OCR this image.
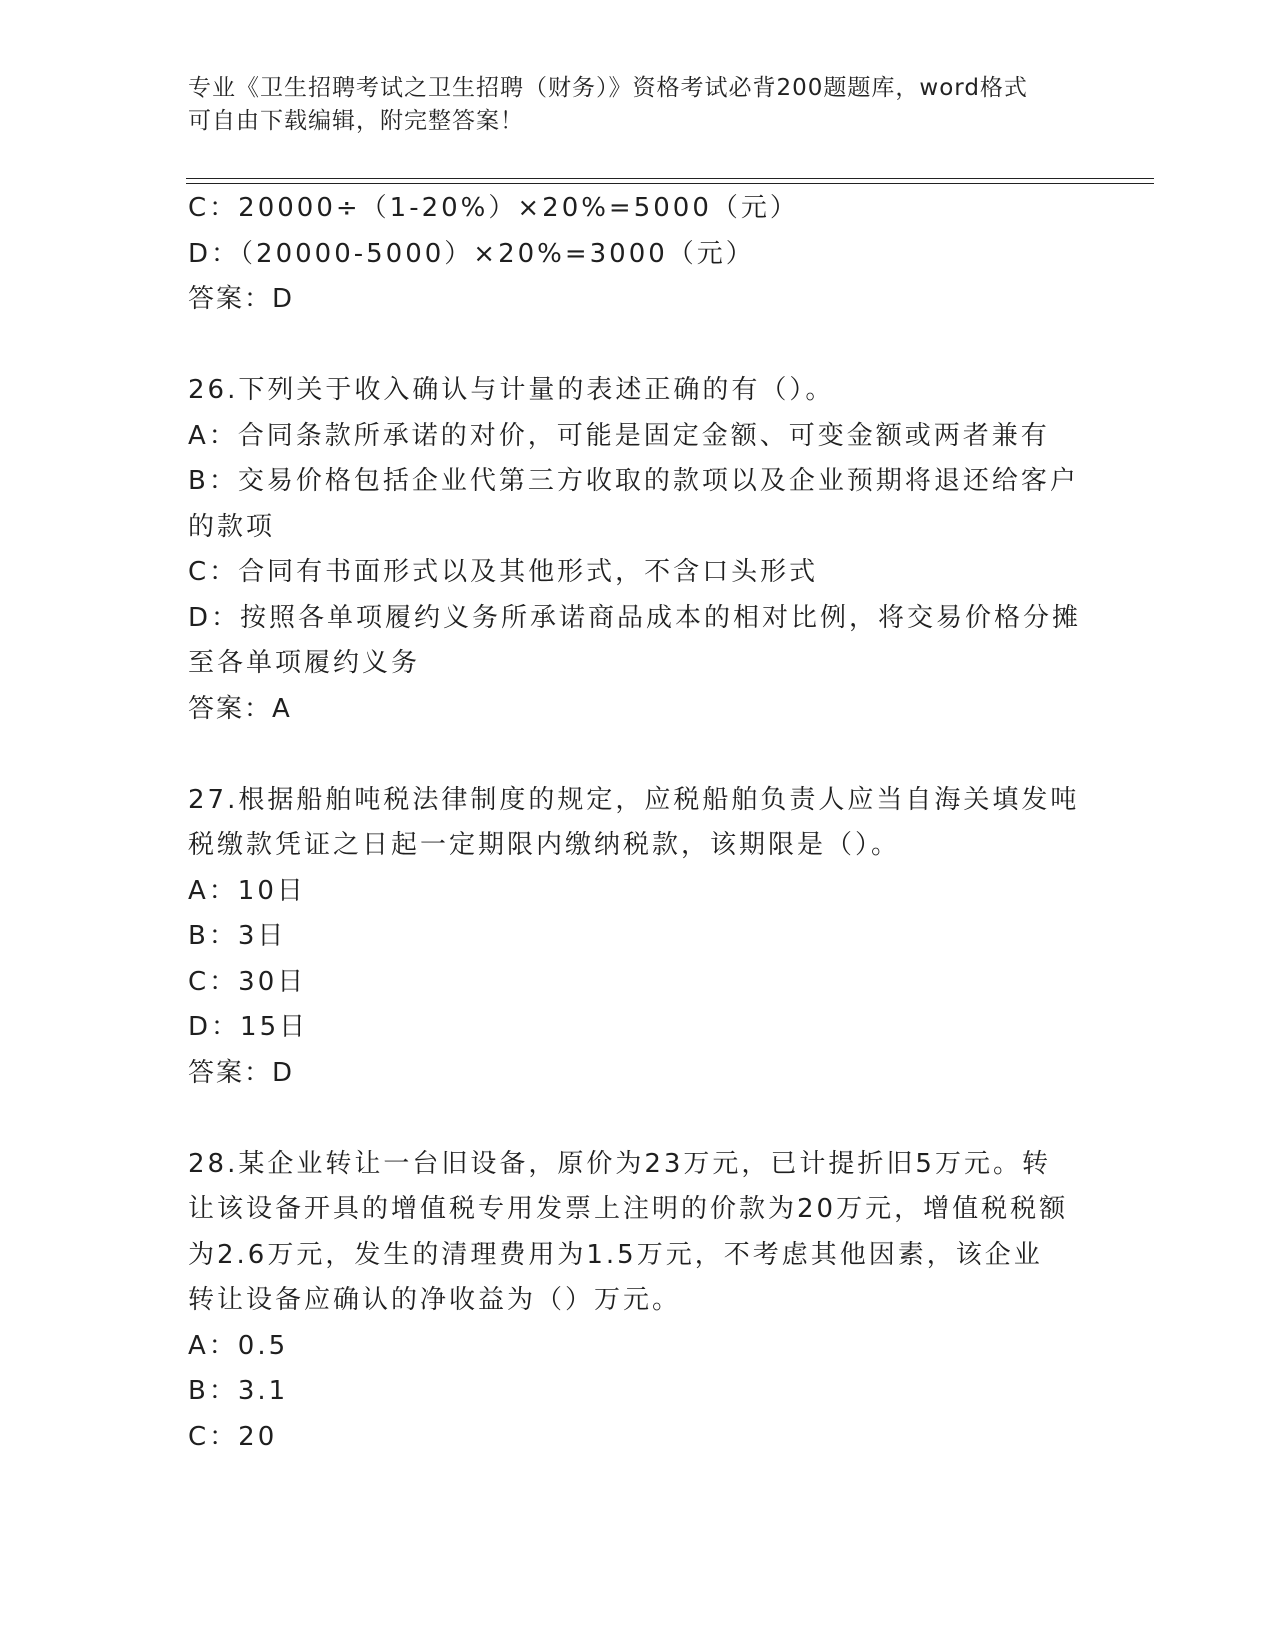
专业《卫生招聘考试之卫生招聘（财务）》资格考试必背200题题库，word格式
可自由下载编辑，附完整答案！
C：20000÷（1-20%）×20%=5000（元）
D：（20000-5000）×20%=3000（元）
答案：D
26.下列关于收入确认与计量的表述正确的有（）。
A：合同条款所承诺的对价，可能是固定金额、可变金额或两者兼有
B：交易价格包括企业代第三方收取的款项以及企业预期将退还给客户
的款项
C：合同有书面形式以及其他形式，不含口头形式
D：按照各单项履约义务所承诺商品成本的相对比例，将交易价格分摊
至各单项履约义务
答案：A
27.根据船舶吨税法律制度的规定，应税船舶负责人应当自海关填发吨
税缴款凭证之日起一定期限内缴纳税款，该期限是（）。
A：10日
B：3日
C：30日
D：15日
答案：D
28.某企业转让一台旧设备，原价为23万元，已计提折旧5万元。转
让该设备开具的增值税专用发票上注明的价款为20万元，增值税税额
为2.6万元，发生的清理费用为1.5万元，不考虑其他因素，该企业
转让设备应确认的净收益为（）万元。
A：0.5
B：3.1
C：20
